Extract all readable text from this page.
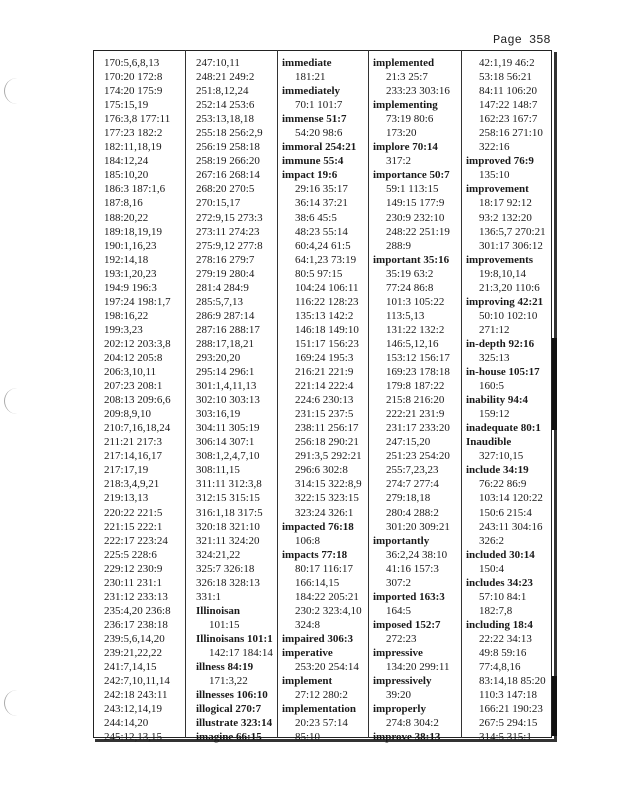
Page 358
170:5,6,8,13
170:20 172:8
174:20 175:9
175:15,19
176:3,8 177:11
177:23 182:2
182:11,18,19
184:12,24
185:10,20
186:3 187:1,6
187:8,16
188:20,22
189:18,19,19
190:1,16,23
192:14,18
193:1,20,23
194:9 196:3
197:24 198:1,7
198:16,22
199:3,23
202:12 203:3,8
204:12 205:8
206:3,10,11
207:23 208:1
208:13 209:6,6
209:8,9,10
210:7,16,18,24
211:21 217:3
217:14,16,17
217:17,19
218:3,4,9,21
219:13,13
220:22 221:5
221:15 222:1
222:17 223:24
225:5 228:6
229:12 230:9
230:11 231:1
231:12 233:13
235:4,20 236:8
236:17 238:18
239:5,6,14,20
239:21,22,22
241:7,14,15
242:7,10,11,14
242:18 243:11
243:12,14,19
244:14,20
245:12,13,15
247:10,11
248:21 249:2
251:8,12,24
252:14 253:6
253:13,18,18
255:18 256:2,9
256:19 258:18
258:19 266:20
267:16 268:14
268:20 270:5
270:15,17
272:9,15 273:3
273:11 274:23
275:9,12 277:8
278:16 279:7
279:19 280:4
281:4 284:9
285:5,7,13
286:9 287:14
287:16 288:17
288:17,18,21
293:20,20
295:14 296:1
301:1,4,11,13
302:10 303:13
303:16,19
304:11 305:19
306:14 307:1
308:1,2,4,7,10
308:11,15
311:11 312:3,8
312:15 315:15
316:1,18 317:5
320:18 321:10
321:11 324:20
324:21,22
325:7 326:18
326:18 328:13
331:1
Illinoisan
101:15
Illinoisans 101:1
142:17 184:14
illness 84:19
171:3,22
illnesses 106:10
illogical 270:7
illustrate 323:14
imagine 66:15
immediate
181:21
immediately
70:1 101:7
immense 51:7
54:20 98:6
immoral 254:21
immune 55:4
impact 19:6
29:16 35:17
36:14 37:21
38:6 45:5
48:23 55:14
60:4,24 61:5
64:1,23 73:19
80:5 97:15
104:24 106:11
116:22 128:23
135:13 142:2
146:18 149:10
151:17 156:23
169:24 195:3
216:21 221:9
221:14 222:4
224:6 230:13
231:15 237:5
238:11 256:17
256:18 290:21
291:3,5 292:21
296:6 302:8
314:15 322:8,9
322:15 323:15
323:24 326:1
impacted 76:18
106:8
impacts 77:18
80:17 116:17
166:14,15
184:22 205:21
230:2 323:4,10
324:8
impaired 306:3
imperative
253:20 254:14
implement
27:12 280:2
implementation
20:23 57:14
85:10
implemented
21:3 25:7
233:23 303:16
implementing
73:19 80:6
173:20
implore 70:14
317:2
importance 50:7
59:1 113:15
149:15 177:9
230:9 232:10
248:22 251:19
288:9
important 35:16
35:19 63:2
77:24 86:8
101:3 105:22
113:5,13
131:22 132:2
146:5,12,16
153:12 156:17
169:23 178:18
179:8 187:22
215:8 216:20
222:21 231:9
231:17 233:20
247:15,20
251:23 254:20
255:7,23,23
274:7 277:4
279:18,18
280:4 288:2
301:20 309:21
importantly
36:2,24 38:10
41:16 157:3
307:2
imported 163:3
164:5
imposed 152:7
272:23
impressive
134:20 299:11
impressively
39:20
improperly
274:8 304:2
improve 38:13
42:1,19 46:2
53:18 56:21
84:11 106:20
147:22 148:7
162:23 167:7
258:16 271:10
322:16
improved 76:9
135:10
improvement
18:17 92:12
93:2 132:20
136:5,7 270:21
301:17 306:12
improvements
19:8,10,14
21:3,20 110:6
improving 42:21
50:10 102:10
271:12
in-depth 92:16
325:13
in-house 105:17
160:5
inability 94:4
159:12
inadequate 80:1
Inaudible
327:10,15
include 34:19
76:22 86:9
103:14 120:22
150:6 215:4
243:11 304:16
326:2
included 30:14
150:4
includes 34:23
57:10 84:1
182:7,8
including 18:4
22:22 34:13
49:8 59:16
77:4,8,16
83:14,18 85:20
110:3 147:18
166:21 190:23
267:5 294:15
314:5 315:1
